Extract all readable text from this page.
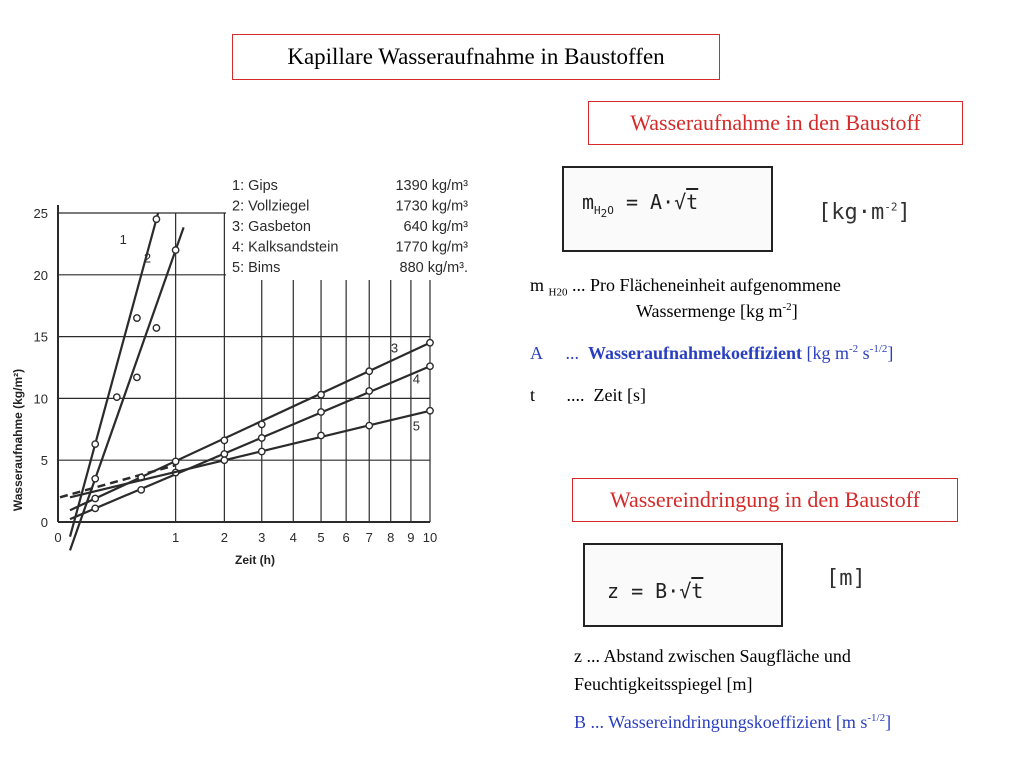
Kapillare Wasseraufnahme in Baustoffen
Wasseraufnahme in den Baustoff
Wassereindringung in den Baustoff
0	1	2 3 4 5 6 7 8 9 10
0
5
10
15
20
25
1
2
3
4
5
1: Gips	1390 kg/m³
2: Vollziegel	1730 kg/m³
3: Gasbeton	640 kg/m³
4: Kalksandstein	1770 kg/m³
5: Bims	880 kg/m³.
Wasseraufnahme (kg/m²)
Zeit (h)
$m_{H_2O} = A\cdot√t$	$[kg\cdot m^{-2}]$
m $_{H20}$ ... Pro Flächeneinheit aufgenommene
Wassermenge [kg $m^{-2}$]
A ... Wasseraufnahmekoeffizient [kg $m^{-2}$ $s^{-1/2}$]
t .... Zeit [s]
z = B·√t	[m]
z ... Abstand zwischen Saugfläche und
Feuchtigkeitsspiegel [m]
B ... Wassereindringungskoeffizient [m $s^{-1/2}$]
